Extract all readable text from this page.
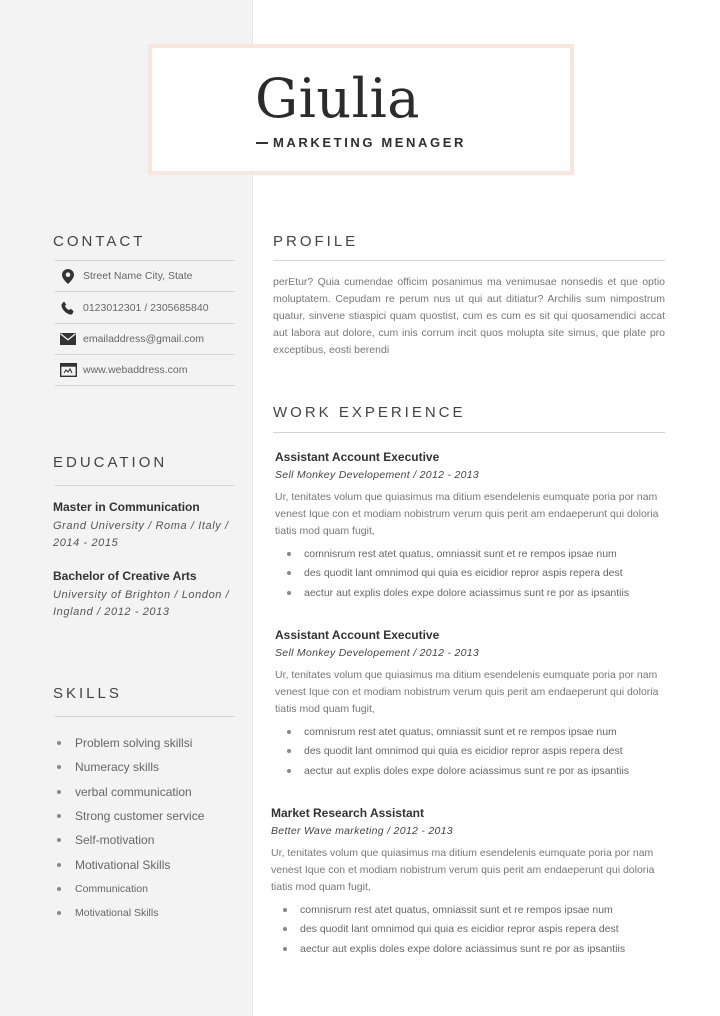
Giulia
MARKETING MENAGER
CONTACT
Street Name City, State
0123012301 / 2305685840
emailaddress@gmail.com
www.webaddress.com
EDUCATION
Master in Communication
Grand University / Roma / Italy / 2014 - 2015
Bachelor of Creative Arts
University of Brighton / London / Ingland / 2012 - 2013
SKILLS
Problem solving skillsi
Numeracy skills
verbal communication
Strong customer service
Self-motivation
Motivational Skills
Communication
Motivational Skills
PROFILE
perEtur? Quia cumendae officim posanimus ma venimusae nonsedis et que optio moluptatem. Cepudam re perum nus ut qui aut ditiatur? Archilis sum nimpostrum quatur, sinvene stiaspici quam quostist, cum es cum es sit qui quosamendici accat aut labora aut dolore, cum inis corrum incit quos molupta site simus, que plate pro exceptibus, eosti berendi
WORK EXPERIENCE
Assistant Account Executive
Sell Monkey Developement / 2012 - 2013
Ur, tenitates volum que quiasimus ma ditium esendelenis eumquate poria por nam venest Ique con et modiam nobistrum verum quis perit am endaeperunt qui doloria tiatis mod quam fugit,
comnisrum rest atet quatus, omniassit sunt et re rempos ipsae num
des quodit lant omnimod qui quia es eicidior repror aspis repera dest
aectur aut explis doles expe dolore aciassimus sunt re por as ipsantiis
Assistant Account Executive
Sell Monkey Developement / 2012 - 2013
Ur, tenitates volum que quiasimus ma ditium esendelenis eumquate poria por nam venest Ique con et modiam nobistrum verum quis perit am endaeperunt qui doloria tiatis mod quam fugit,
comnisrum rest atet quatus, omniassit sunt et re rempos ipsae num
des quodit lant omnimod qui quia es eicidior repror aspis repera dest
aectur aut explis doles expe dolore aciassimus sunt re por as ipsantiis
Market Research Assistant
Better Wave marketing / 2012 - 2013
Ur, tenitates volum que quiasimus ma ditium esendelenis eumquate poria por nam venest Ique con et modiam nobistrum verum quis perit am endaeperunt qui doloria tiatis mod quam fugit,
comnisrum rest atet quatus, omniassit sunt et re rempos ipsae num
des quodit lant omnimod qui quia es eicidior repror aspis repera dest
aectur aut explis doles expe dolore aciassimus sunt re por as ipsantiis
